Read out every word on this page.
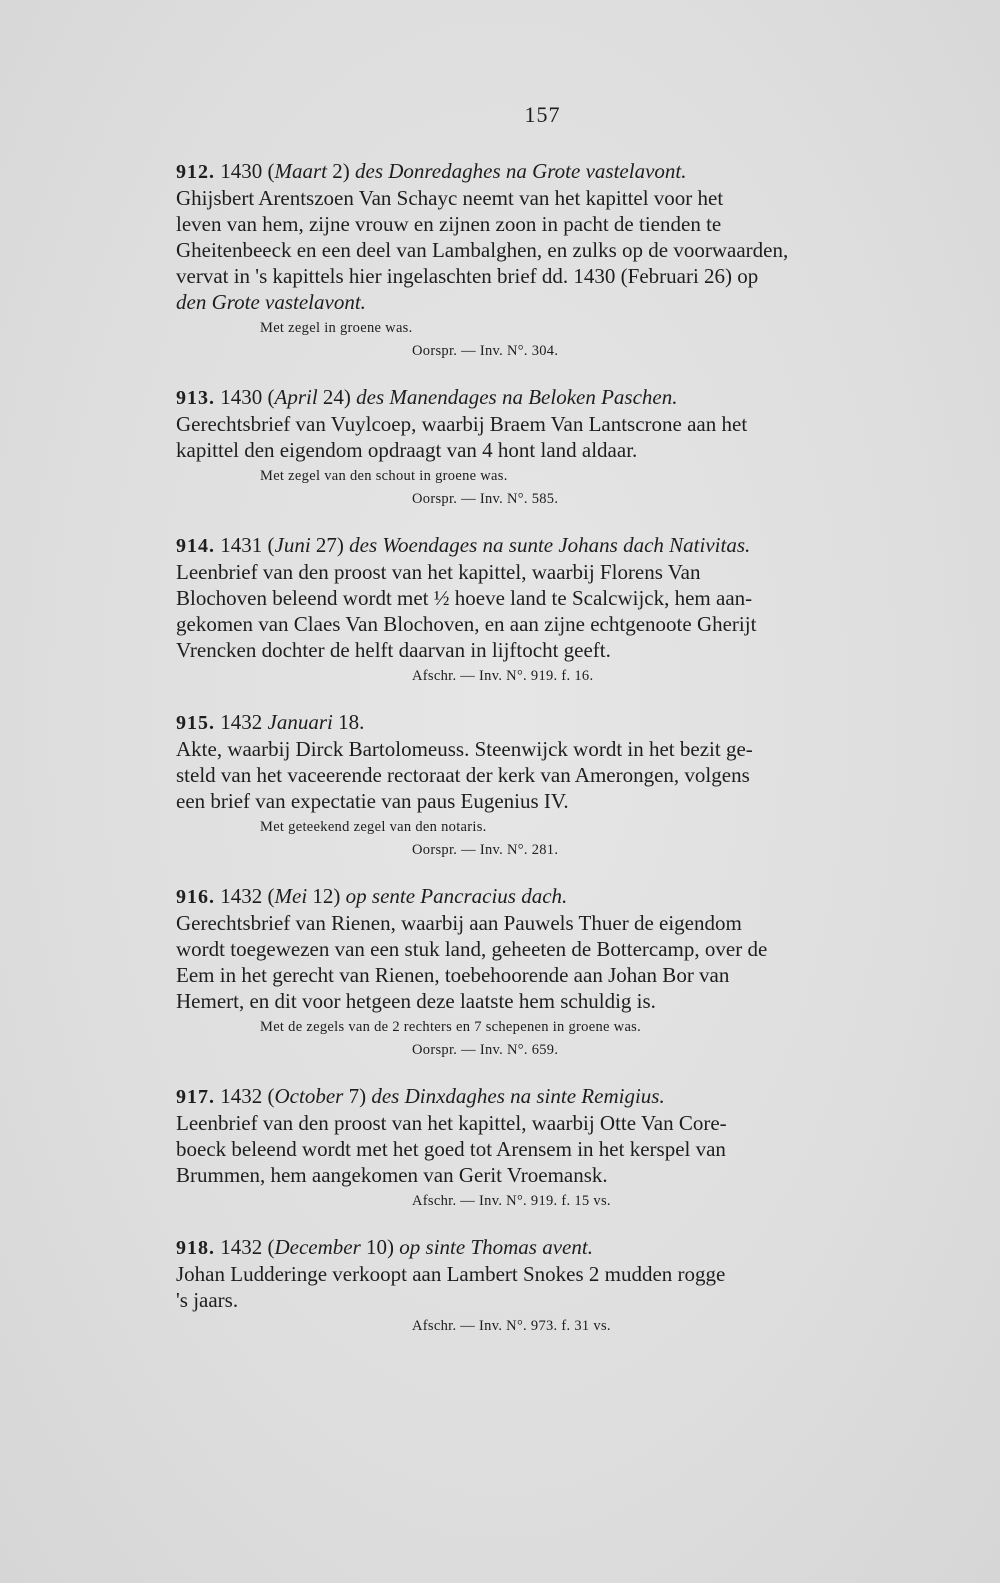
157
912. 1430 (Maart 2) des Donredaghes na Grote vastelavont.
Ghijsbert Arentszoen Van Schayc neemt van het kapittel voor het
leven van hem, zijne vrouw en zijnen zoon in pacht de tienden te
Gheitenbeeck en een deel van Lambalghen, en zulks op de voorwaarden,
vervat in 's kapittels hier ingelaschten brief dd. 1430 (Februari 26) op
den Grote vastelavont.
Met zegel in groene was.
Oorspr. — Inv. N°. 304.
913. 1430 (April 24) des Manendages na Beloken Paschen.
Gerechtsbrief van Vuylcoep, waarbij Braem Van Lantscrone aan het
kapittel den eigendom opdraagt van 4 hont land aldaar.
Met zegel van den schout in groene was.
Oorspr. — Inv. N°. 585.
914. 1431 (Juni 27) des Woendages na sunte Johans dach Nativitas.
Leenbrief van den proost van het kapittel, waarbij Florens Van
Blochoven beleend wordt met ½ hoeve land te Scalcwijck, hem aan-
gekomen van Claes Van Blochoven, en aan zijne echtgenoote Gherijt
Vrencken dochter de helft daarvan in lijftocht geeft.
Afschr. — Inv. N°. 919. f. 16.
915. 1432 Januari 18.
Akte, waarbij Dirck Bartolomeuss. Steenwijck wordt in het bezit ge-
steld van het vaceerende rectoraat der kerk van Amerongen, volgens
een brief van expectatie van paus Eugenius IV.
Met geteekend zegel van den notaris.
Oorspr. — Inv. N°. 281.
916. 1432 (Mei 12) op sente Pancracius dach.
Gerechtsbrief van Rienen, waarbij aan Pauwels Thuer de eigendom
wordt toegewezen van een stuk land, geheeten de Bottercamp, over de
Eem in het gerecht van Rienen, toebehoorende aan Johan Bor van
Hemert, en dit voor hetgeen deze laatste hem schuldig is.
Met de zegels van de 2 rechters en 7 schepenen in groene was.
Oorspr. — Inv. N°. 659.
917. 1432 (October 7) des Dinxdaghes na sinte Remigius.
Leenbrief van den proost van het kapittel, waarbij Otte Van Core-
boeck beleend wordt met het goed tot Arensem in het kerspel van
Brummen, hem aangekomen van Gerit Vroemansk.
Afschr. — Inv. N°. 919. f. 15 vs.
918. 1432 (December 10) op sinte Thomas avent.
Johan Ludderinge verkoopt aan Lambert Snokes 2 mudden rogge
's jaars.
Afschr. — Inv. N°. 973. f. 31 vs.
